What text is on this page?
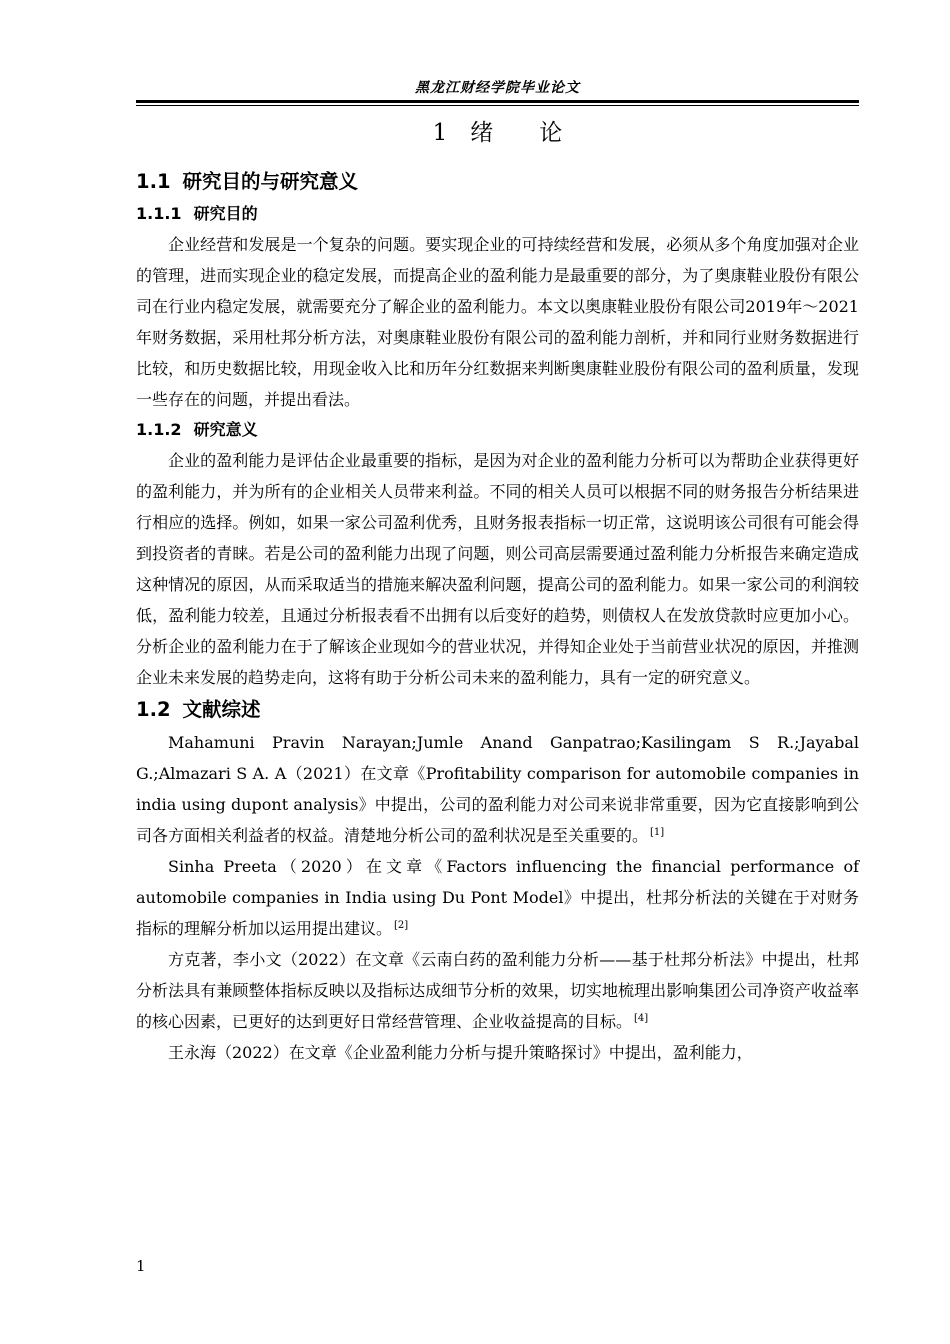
黑龙江财经学院毕业论文
1　绪　　论
1.1 研究目的与研究意义
1.1.1 研究目的

企业经营和发展是一个复杂的问题。要实现企业的可持续经营和发展，必须从多个角度加强对企业的管理，进而实现企业的稳定发展，而提高企业的盈利能力是最重要的部分，为了奥康鞋业股份有限公司在行业内稳定发展，就需要充分了解企业的盈利能力。本文以奥康鞋业股份有限公司2019年～2021年财务数据，采用杜邦分析方法，对奥康鞋业股份有限公司的盈利能力剖析，并和同行业财务数据进行比较，和历史数据比较，用现金收入比和历年分红数据来判断奥康鞋业股份有限公司的盈利质量，发现一些存在的问题，并提出看法。

1.1.2 研究意义

企业的盈利能力是评估企业最重要的指标，是因为对企业的盈利能力分析可以为帮助企业获得更好的盈利能力，并为所有的企业相关人员带来利益。不同的相关人员可以根据不同的财务报告分析结果进行相应的选择。例如，如果一家公司盈利优秀，且财务报表指标一切正常，这说明该公司很有可能会得到投资者的青睐。若是公司的盈利能力出现了问题，则公司高层需要通过盈利能力分析报告来确定造成这种情况的原因，从而采取适当的措施来解决盈利问题，提高公司的盈利能力。如果一家公司的利润较低，盈利能力较差，且通过分析报表看不出拥有以后变好的趋势，则债权人在发放贷款时应更加小心。分析企业的盈利能力在于了解该企业现如今的营业状况，并得知企业处于当前营业状况的原因，并推测企业未来发展的趋势走向，这将有助于分析公司未来的盈利能力，具有一定的研究意义。

1.2 文献综述

Mahamuni Pravin Narayan;Jumle Anand Ganpatrao;Kasilingam S R.;Jayabal G.;Almazari S A. A（2021）在文章《Profitability comparison for automobile companies in india using dupont analysis》中提出，公司的盈利能力对公司来说非常重要，因为它直接影响到公司各方面相关利益者的权益。清楚地分析公司的盈利状况是至关重要的。 [1]

Sinha Preeta（2020）在文章《Factors influencing the financial performance of automobile companies in India using Du Pont Model》中提出，杜邦分析法的关键在于对财务指标的理解分析加以运用提出建议。 [2]

方克著，李小文（2022）在文章《云南白药的盈利能力分析——基于杜邦分析法》中提出，杜邦分析法具有兼顾整体指标反映以及指标达成细节分析的效果，切实地梳理出影响集团公司净资产收益率的核心因素，已更好的达到更好日常经营管理、企业收益提高的目标。 [4]

王永海（2022）在文章《企业盈利能力分析与提升策略探讨》中提出，盈利能力，

1
